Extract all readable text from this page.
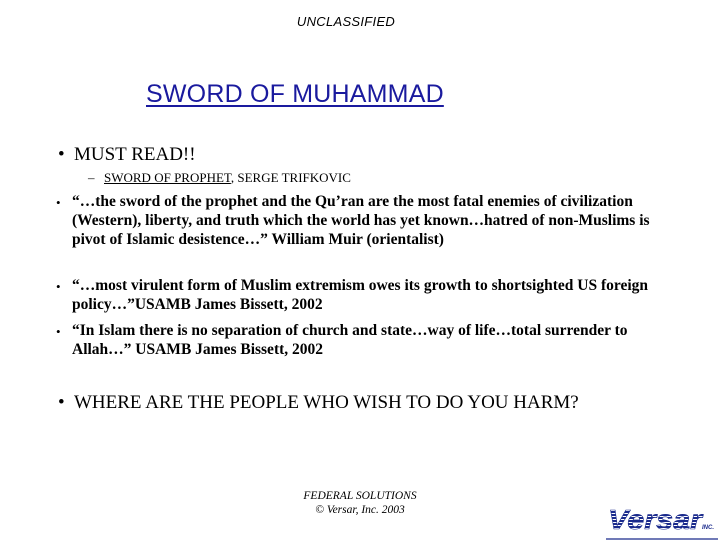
UNCLASSIFIED
SWORD OF MUHAMMAD
• MUST READ!!
– SWORD OF PROPHET, SERGE TRIFKOVIC
• “…the sword of the prophet and the Qu’ran are the most fatal enemies of civilization (Western), liberty, and truth which the world has yet known…hatred of non-Muslims is pivot of Islamic desistence…” William Muir (orientalist)
• “…most virulent form of Muslim extremism owes its growth to shortsighted US foreign policy…”USAMB James Bissett, 2002
• “In Islam there is no separation of church and state…way of life…total surrender to Allah…” USAMB James Bissett, 2002
• WHERE ARE THE PEOPLE WHO WISH TO DO YOU HARM?
FEDERAL SOLUTIONS
© Versar, Inc. 2003	Versar
INC.
